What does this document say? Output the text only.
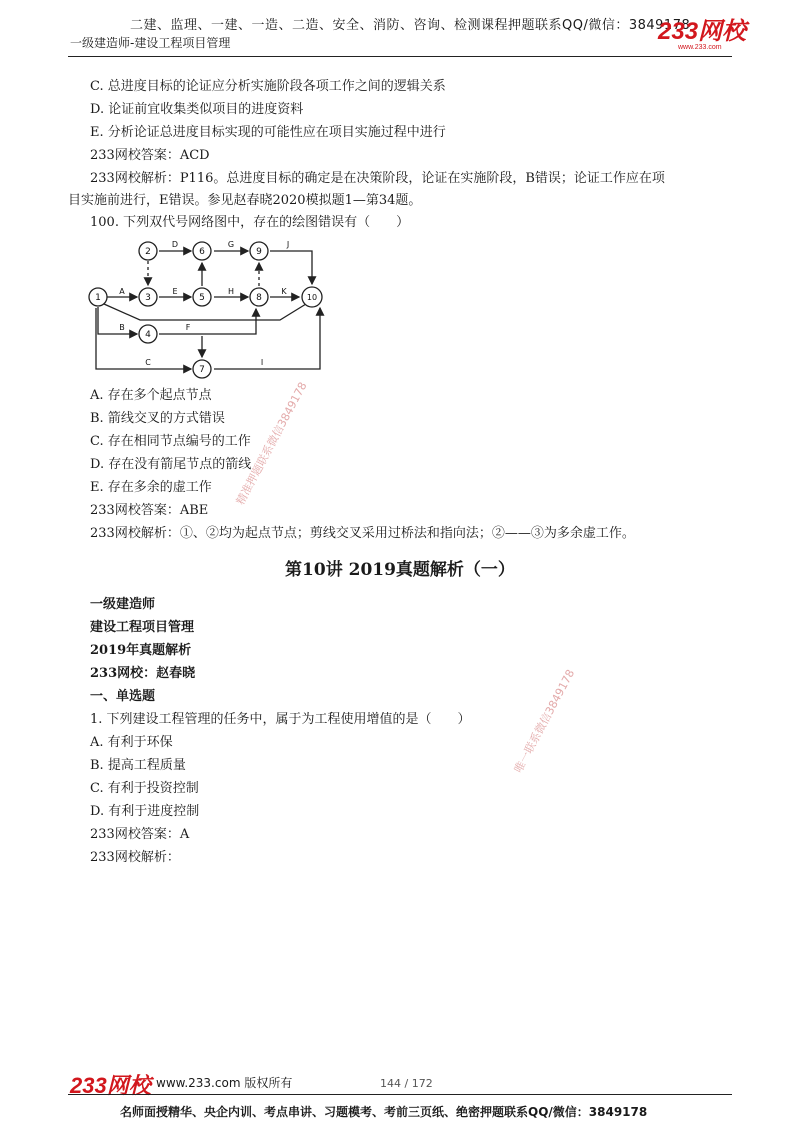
二建、监理、一建、一造、二造、安全、消防、咨询、检测课程押题联系QQ/微信：3849178
一级建造师-建设工程项目管理	233网校
www.233.com
C. 总进度目标的论证应分析实施阶段各项工作之间的逻辑关系
D. 论证前宜收集类似项目的进度资料
E. 分析论证总进度目标实现的可能性应在项目实施过程中进行
233网校答案：ACD
233网校解析：P116。总进度目标的确定是在决策阶段，论证在实施阶段，B错误；论证工作应在项
目实施前进行，E错误。参见赵春晓2020模拟题1—第34题。
100. 下列双代号网络图中，存在的绘图错误有（　　）
1
2
3
4
5
6
7
8
9
10
D	G	J
A	E	H	K
B	F
C	I
A. 存在多个起点节点
B. 箭线交叉的方式错误
C. 存在相同节点编号的工作
D. 存在没有箭尾节点的箭线
E. 存在多余的虚工作
233网校答案：ABE
233网校解析：①、②均为起点节点；剪线交叉采用过桥法和指向法；②——③为多余虚工作。
第10讲 2019真题解析（一）
一级建造师
建设工程项目管理
2019年真题解析
233网校：赵春晓
一、单选题
1. 下列建设工程管理的任务中，属于为工程使用增值的是（　　）
A. 有利于环保
B. 提高工程质量
C. 有利于投资控制
D. 有利于进度控制
233网校答案：A
233网校解析：
精准押题联系微信3849178
唯一联系微信3849178
233网校 www.233.com 版权所有	144 / 172
名师面授精华、央企内训、考点串讲、习题模考、考前三页纸、绝密押题联系QQ/微信：3849178
